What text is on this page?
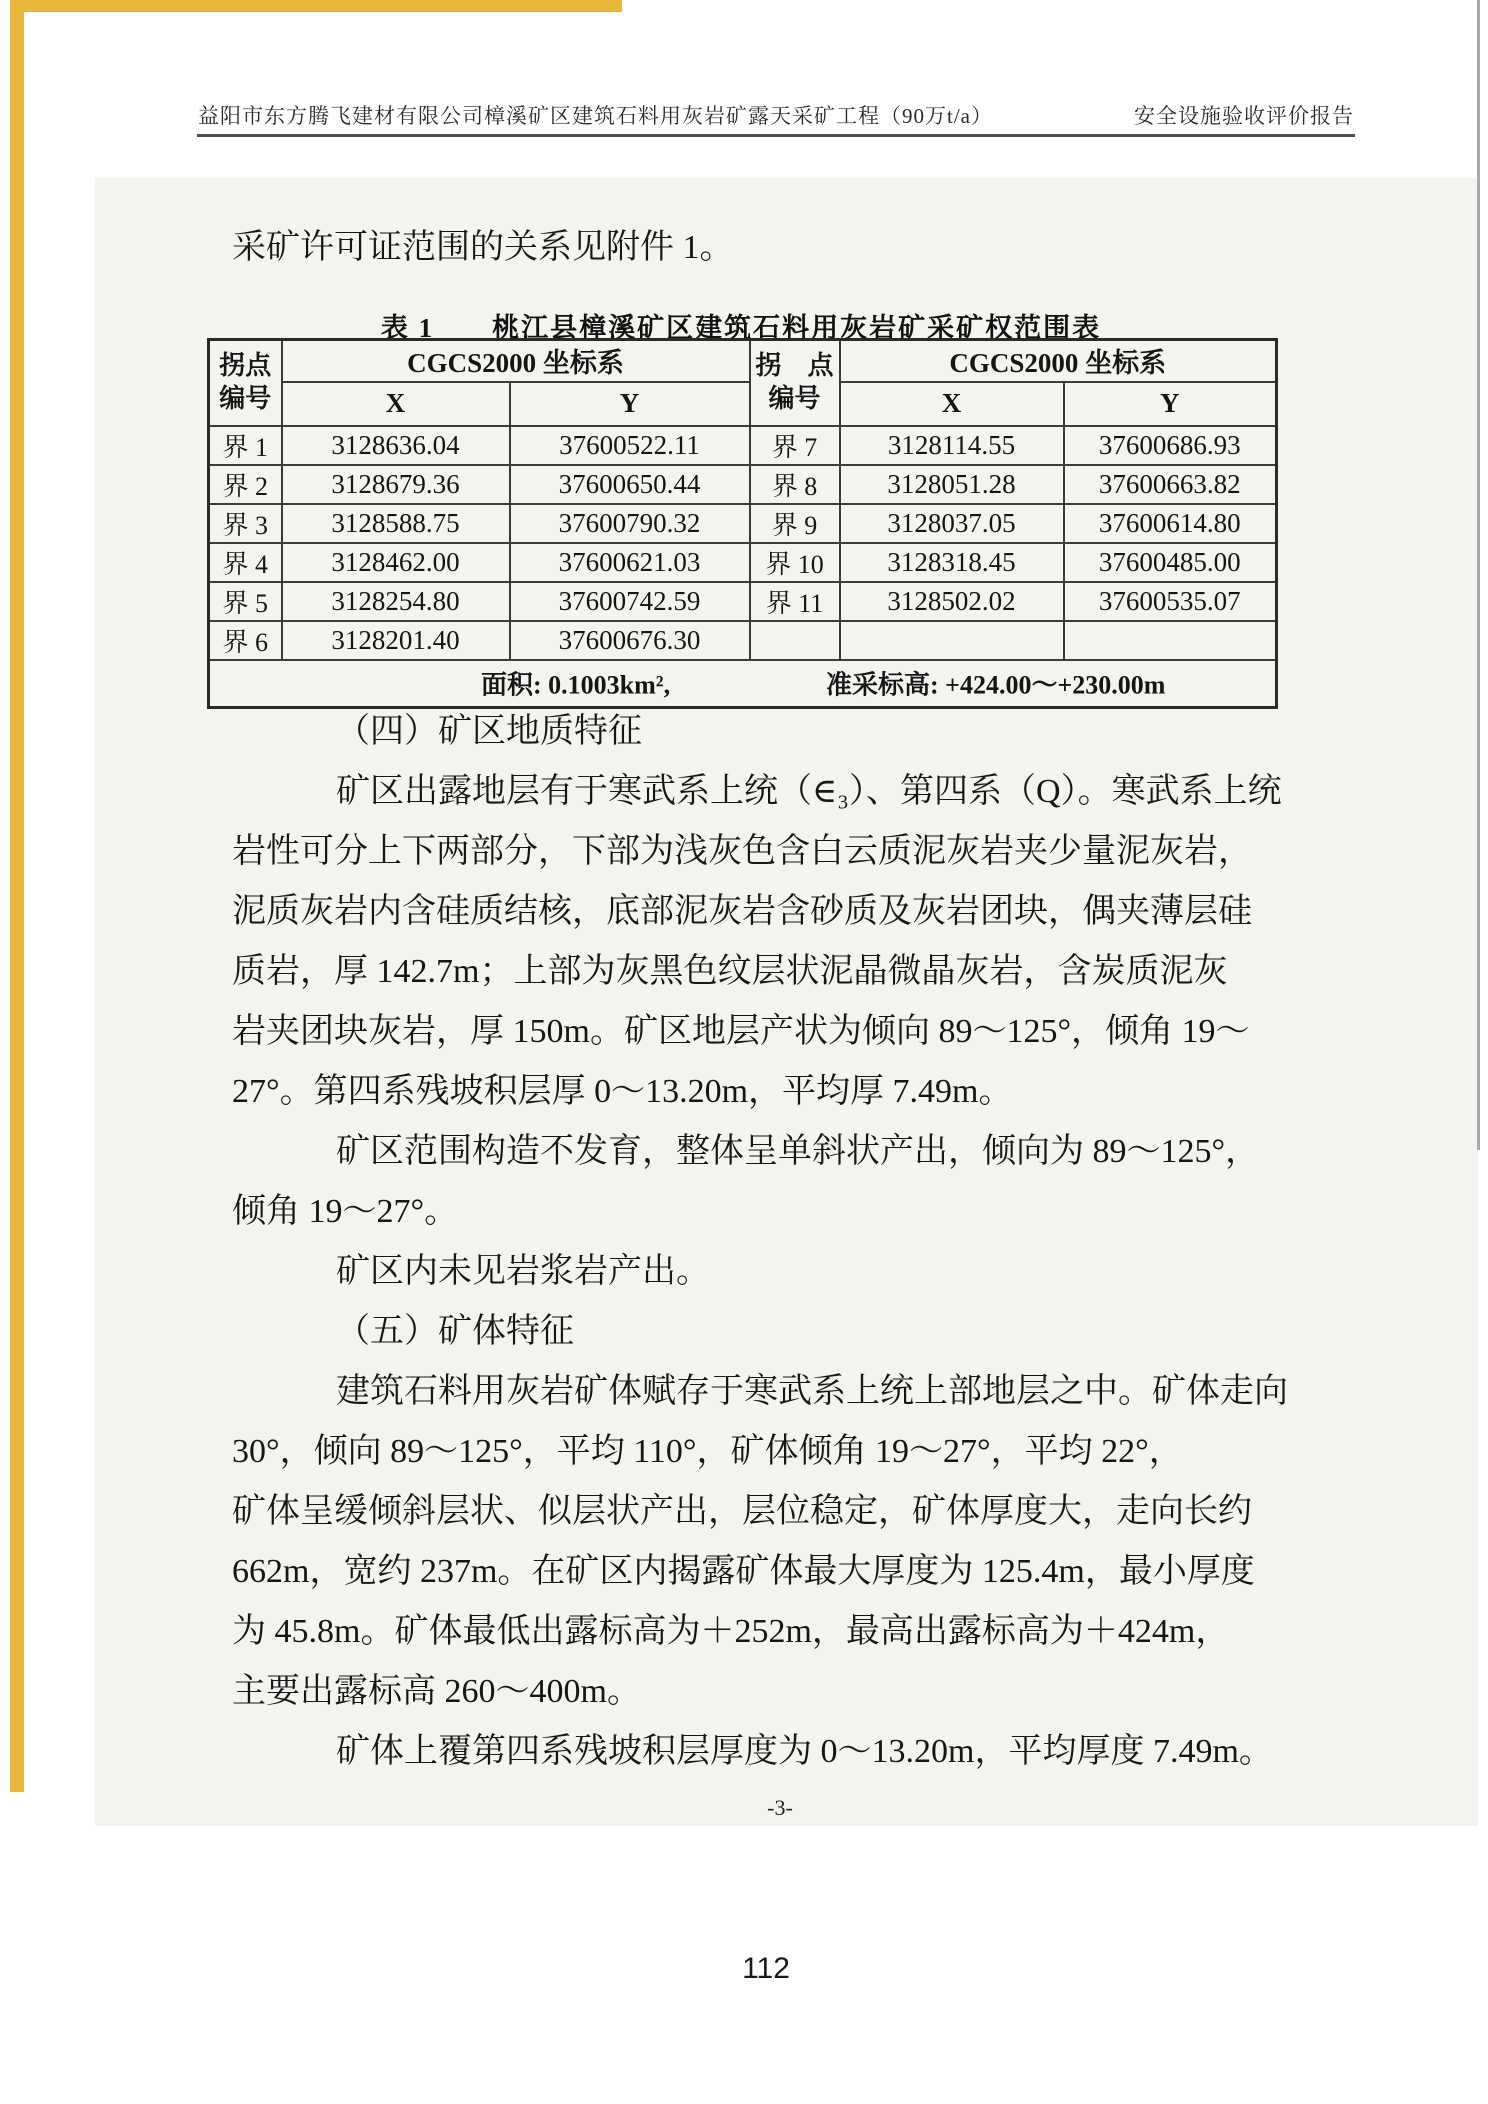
益阳市东方腾飞建材有限公司樟溪矿区建筑石料用灰岩矿露天采矿工程（90万t/a）	安全设施验收评价报告
采矿许可证范围的关系见附件 1。
表 1　　桃江县樟溪矿区建筑石料用灰岩矿采矿权范围表
拐点
编号
	CGCS2000 坐标系	拐　点
编号
	CGCS2000 坐标系
	X	Y		X	Y
界 1	3128636.04	37600522.11	界 7	3128114.55	37600686.93
界 2	3128679.36	37600650.44	界 8	3128051.28	37600663.82
界 3	3128588.75	37600790.32	界 9	3128037.05	37600614.80
界 4	3128462.00	37600621.03	界 10	3128318.45	37600485.00
界 5	3128254.80	37600742.59	界 11	3128502.02	37600535.07
界 6	3128201.40	37600676.30			

面积: 0.1003km², 准采标高: +424.00～+230.00m					
（四）矿区地质特征
矿区出露地层有于寒武系上统（∈₃）、第四系（Q）。寒武系上统
岩性可分上下两部分，下部为浅灰色含白云质泥灰岩夹少量泥灰岩，
泥质灰岩内含硅质结核，底部泥灰岩含砂质及灰岩团块，偶夹薄层硅
质岩，厚 142.7m；上部为灰黑色纹层状泥晶微晶灰岩，含炭质泥灰
岩夹团块灰岩，厚 150m。矿区地层产状为倾向 89～125°，倾角 19～
27°。第四系残坡积层厚 0～13.20m，平均厚 7.49m。
矿区范围构造不发育，整体呈单斜状产出，倾向为 89～125°，
倾角 19～27°。
矿区内未见岩浆岩产出。
（五）矿体特征
建筑石料用灰岩矿体赋存于寒武系上统上部地层之中。矿体走向
30°，倾向 89～125°，平均 110°，矿体倾角 19～27°，平均 22°，
矿体呈缓倾斜层状、似层状产出，层位稳定，矿体厚度大，走向长约
662m，宽约 237m。在矿区内揭露矿体最大厚度为 125.4m，最小厚度
为 45.8m。矿体最低出露标高为＋252m，最高出露标高为＋424m，
主要出露标高 260～400m。
矿体上覆第四系残坡积层厚度为 0～13.20m，平均厚度 7.49m。
-3-
112
